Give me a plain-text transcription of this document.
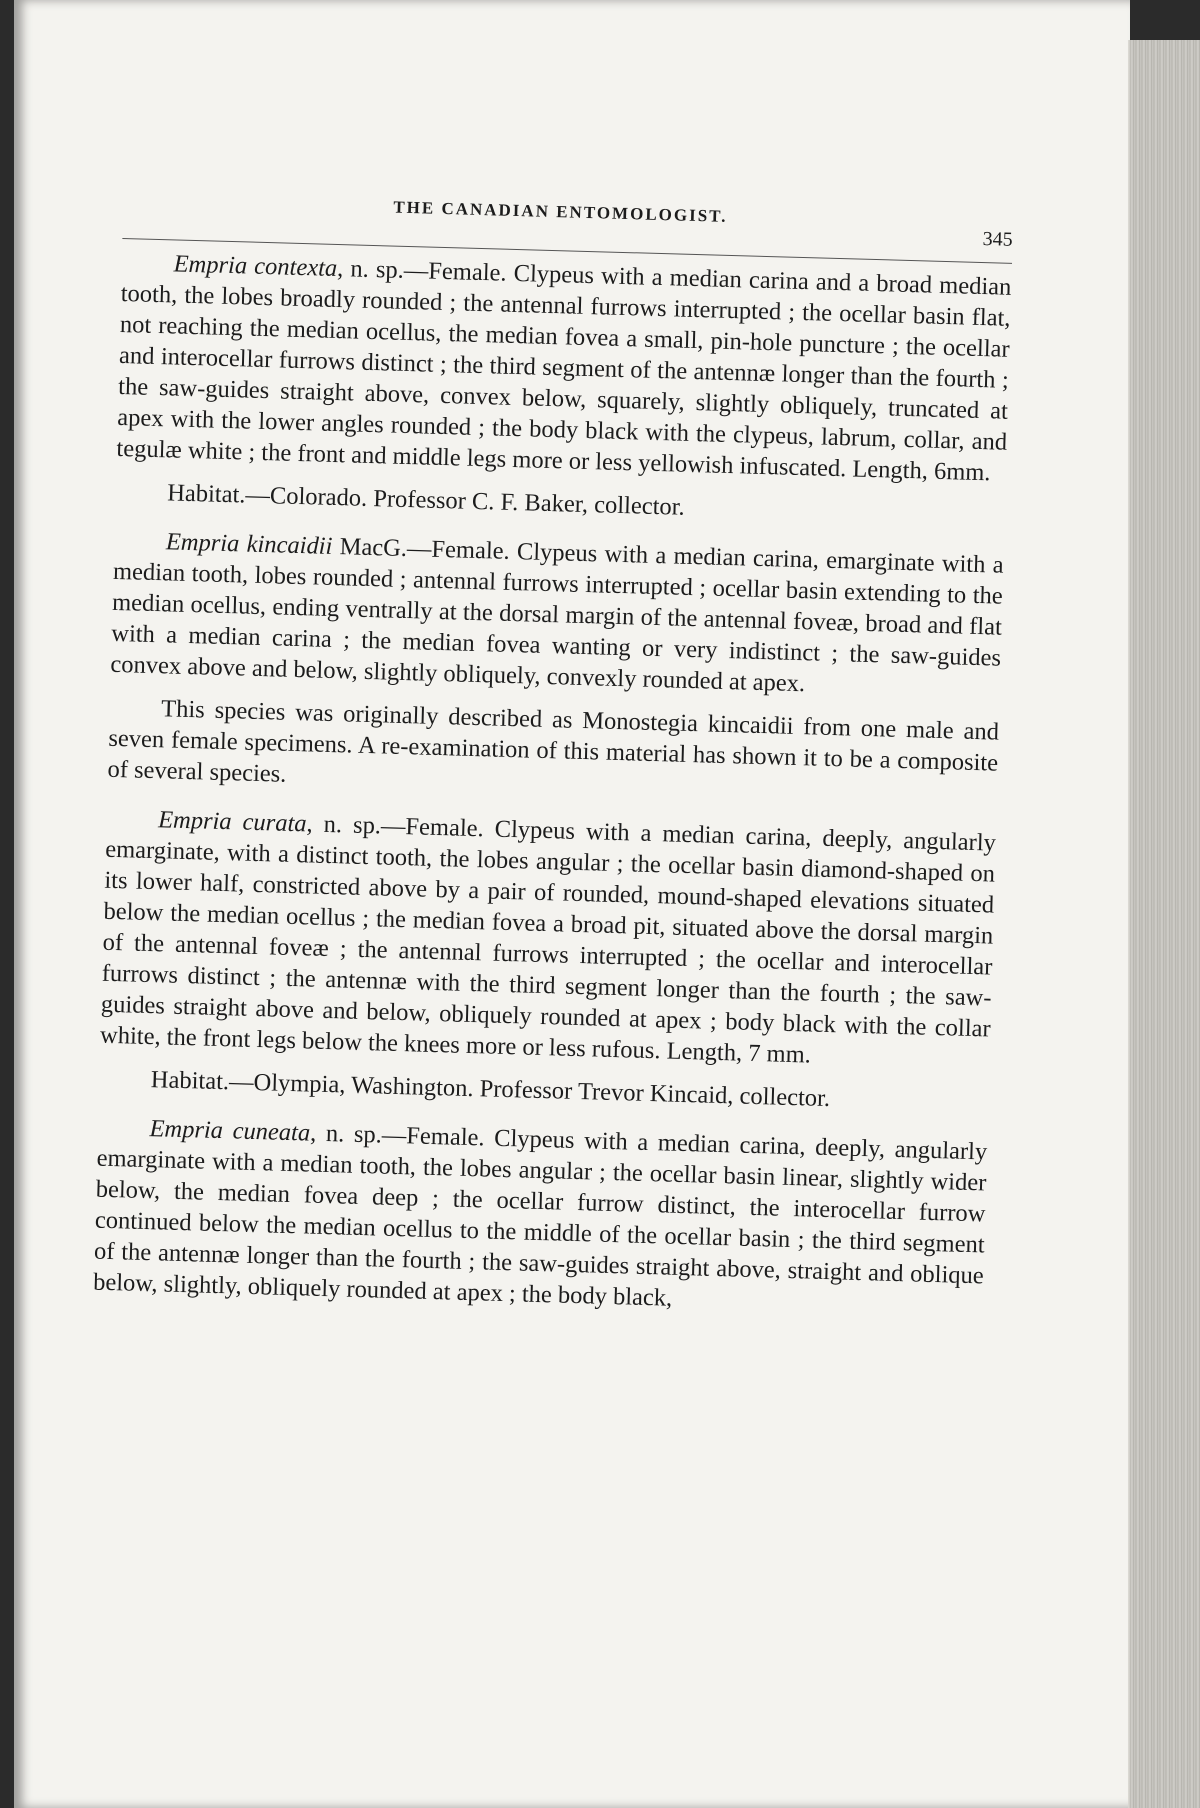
THE CANADIAN ENTOMOLOGIST.
345

Empria contexta, n. sp.—Female. Clypeus with a median carina and a broad median tooth, the lobes broadly rounded ; the antennal furrows interrupted ; the ocellar basin flat, not reaching the median ocellus, the median fovea a small, pin-hole puncture ; the ocellar and interocellar furrows distinct ; the third segment of the antennæ longer than the fourth ; the saw-guides straight above, convex below, squarely, slightly obliquely, truncated at apex with the lower angles rounded ; the body black with the clypeus, labrum, collar, and tegulæ white ; the front and middle legs more or less yellowish infuscated. Length, 6mm.

Habitat.—Colorado. Professor C. F. Baker, collector.

Empria kincaidii MacG.—Female. Clypeus with a median carina, emarginate with a median tooth, lobes rounded ; antennal furrows interrupted ; ocellar basin extending to the median ocellus, ending ventrally at the dorsal margin of the antennal foveæ, broad and flat with a median carina ; the median fovea wanting or very indistinct ; the saw-guides convex above and below, slightly obliquely, convexly rounded at apex.

This species was originally described as Monostegia kincaidii from one male and seven female specimens. A re-examination of this material has shown it to be a composite of several species.

Empria curata, n. sp.—Female. Clypeus with a median carina, deeply, angularly emarginate, with a distinct tooth, the lobes angular ; the ocellar basin diamond-shaped on its lower half, constricted above by a pair of rounded, mound-shaped elevations situated below the median ocellus ; the median fovea a broad pit, situated above the dorsal margin of the antennal foveæ ; the antennal furrows interrupted ; the ocellar and interocellar furrows distinct ; the antennæ with the third segment longer than the fourth ; the saw-guides straight above and below, obliquely rounded at apex ; body black with the collar white, the front legs below the knees more or less rufous. Length, 7 mm.

Habitat.—Olympia, Washington. Professor Trevor Kincaid, collector.

Empria cuneata, n. sp.—Female. Clypeus with a median carina, deeply, angularly emarginate with a median tooth, the lobes angular ; the ocellar basin linear, slightly wider below, the median fovea deep ; the ocellar furrow distinct, the interocellar furrow continued below the median ocellus to the middle of the ocellar basin ; the third segment of the antennæ longer than the fourth ; the saw-guides straight above, straight and oblique below, slightly, obliquely rounded at apex ; the body black,
